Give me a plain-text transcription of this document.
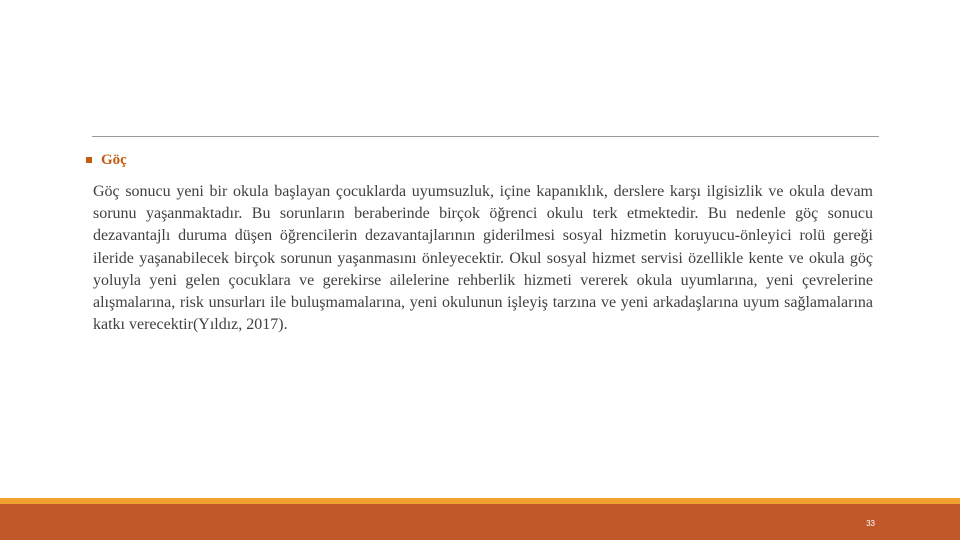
Göç

Göç sonucu yeni bir okula başlayan çocuklarda uyumsuzluk, içine kapanıklık, derslere karşı ilgisizlik ve okula devam sorunu yaşanmaktadır. Bu sorunların beraberinde birçok öğrenci okulu terk etmektedir. Bu nedenle göç sonucu dezavantajlı duruma düşen öğrencilerin dezavantajlarının giderilmesi sosyal hizmetin koruyucu-önleyici rolü gereği ileride yaşanabilecek birçok sorunun yaşanmasını önleyecektir. Okul sosyal hizmet servisi özellikle kente ve okula göç yoluyla yeni gelen çocuklara ve gerekirse ailelerine rehberlik hizmeti vererek okula uyumlarına, yeni çevrelerine alışmalarına, risk unsurları ile buluşmamalarına, yeni okulunun işleyiş tarzına ve yeni arkadaşlarına uyum sağlamalarına katkı verecektir(Yıldız, 2017).

33
